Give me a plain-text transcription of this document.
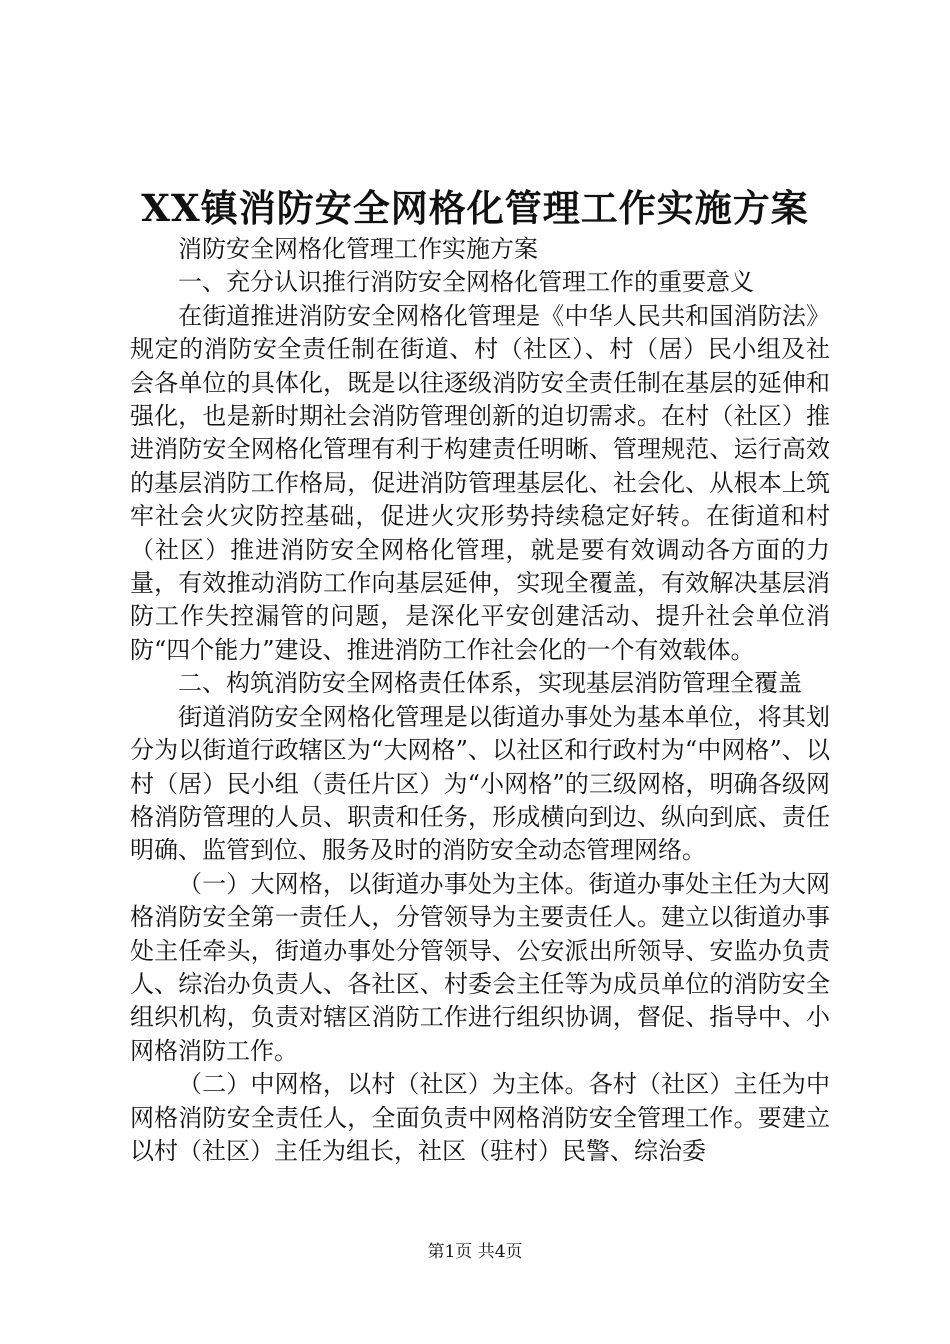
XX镇消防安全网格化管理工作实施方案

消防安全网格化管理工作实施方案

一、充分认识推行消防安全网格化管理工作的重要意义

在街道推进消防安全网格化管理是《中华人民共和国消防法》规定的消防安全责任制在街道、村（社区）、村（居）民小组及社会各单位的具体化，既是以往逐级消防安全责任制在基层的延伸和强化，也是新时期社会消防管理创新的迫切需求。在村（社区）推进消防安全网格化管理有利于构建责任明晰、管理规范、运行高效的基层消防工作格局，促进消防管理基层化、社会化、从根本上筑牢社会火灾防控基础，促进火灾形势持续稳定好转。在街道和村（社区）推进消防安全网格化管理，就是要有效调动各方面的力量，有效推动消防工作向基层延伸，实现全覆盖，有效解决基层消防工作失控漏管的问题，是深化平安创建活动、提升社会单位消防“四个能力”建设、推进消防工作社会化的一个有效载体。

二、构筑消防安全网格责任体系，实现基层消防管理全覆盖

街道消防安全网格化管理是以街道办事处为基本单位，将其划分为以街道行政辖区为“大网格”、以社区和行政村为“中网格”、以村（居）民小组（责任片区）为“小网格”的三级网格，明确各级网格消防管理的人员、职责和任务，形成横向到边、纵向到底、责任明确、监管到位、服务及时的消防安全动态管理网络。

（一）大网格，以街道办事处为主体。街道办事处主任为大网格消防安全第一责任人，分管领导为主要责任人。建立以街道办事处主任牵头，街道办事处分管领导、公安派出所领导、安监办负责人、综治办负责人、各社区、村委会主任等为成员单位的消防安全组织机构，负责对辖区消防工作进行组织协调，督促、指导中、小网格消防工作。

（二）中网格，以村（社区）为主体。各村（社区）主任为中网格消防安全责任人，全面负责中网格消防安全管理工作。要建立以村（社区）主任为组长，社区（驻村）民警、综治委

第1页 共4页
